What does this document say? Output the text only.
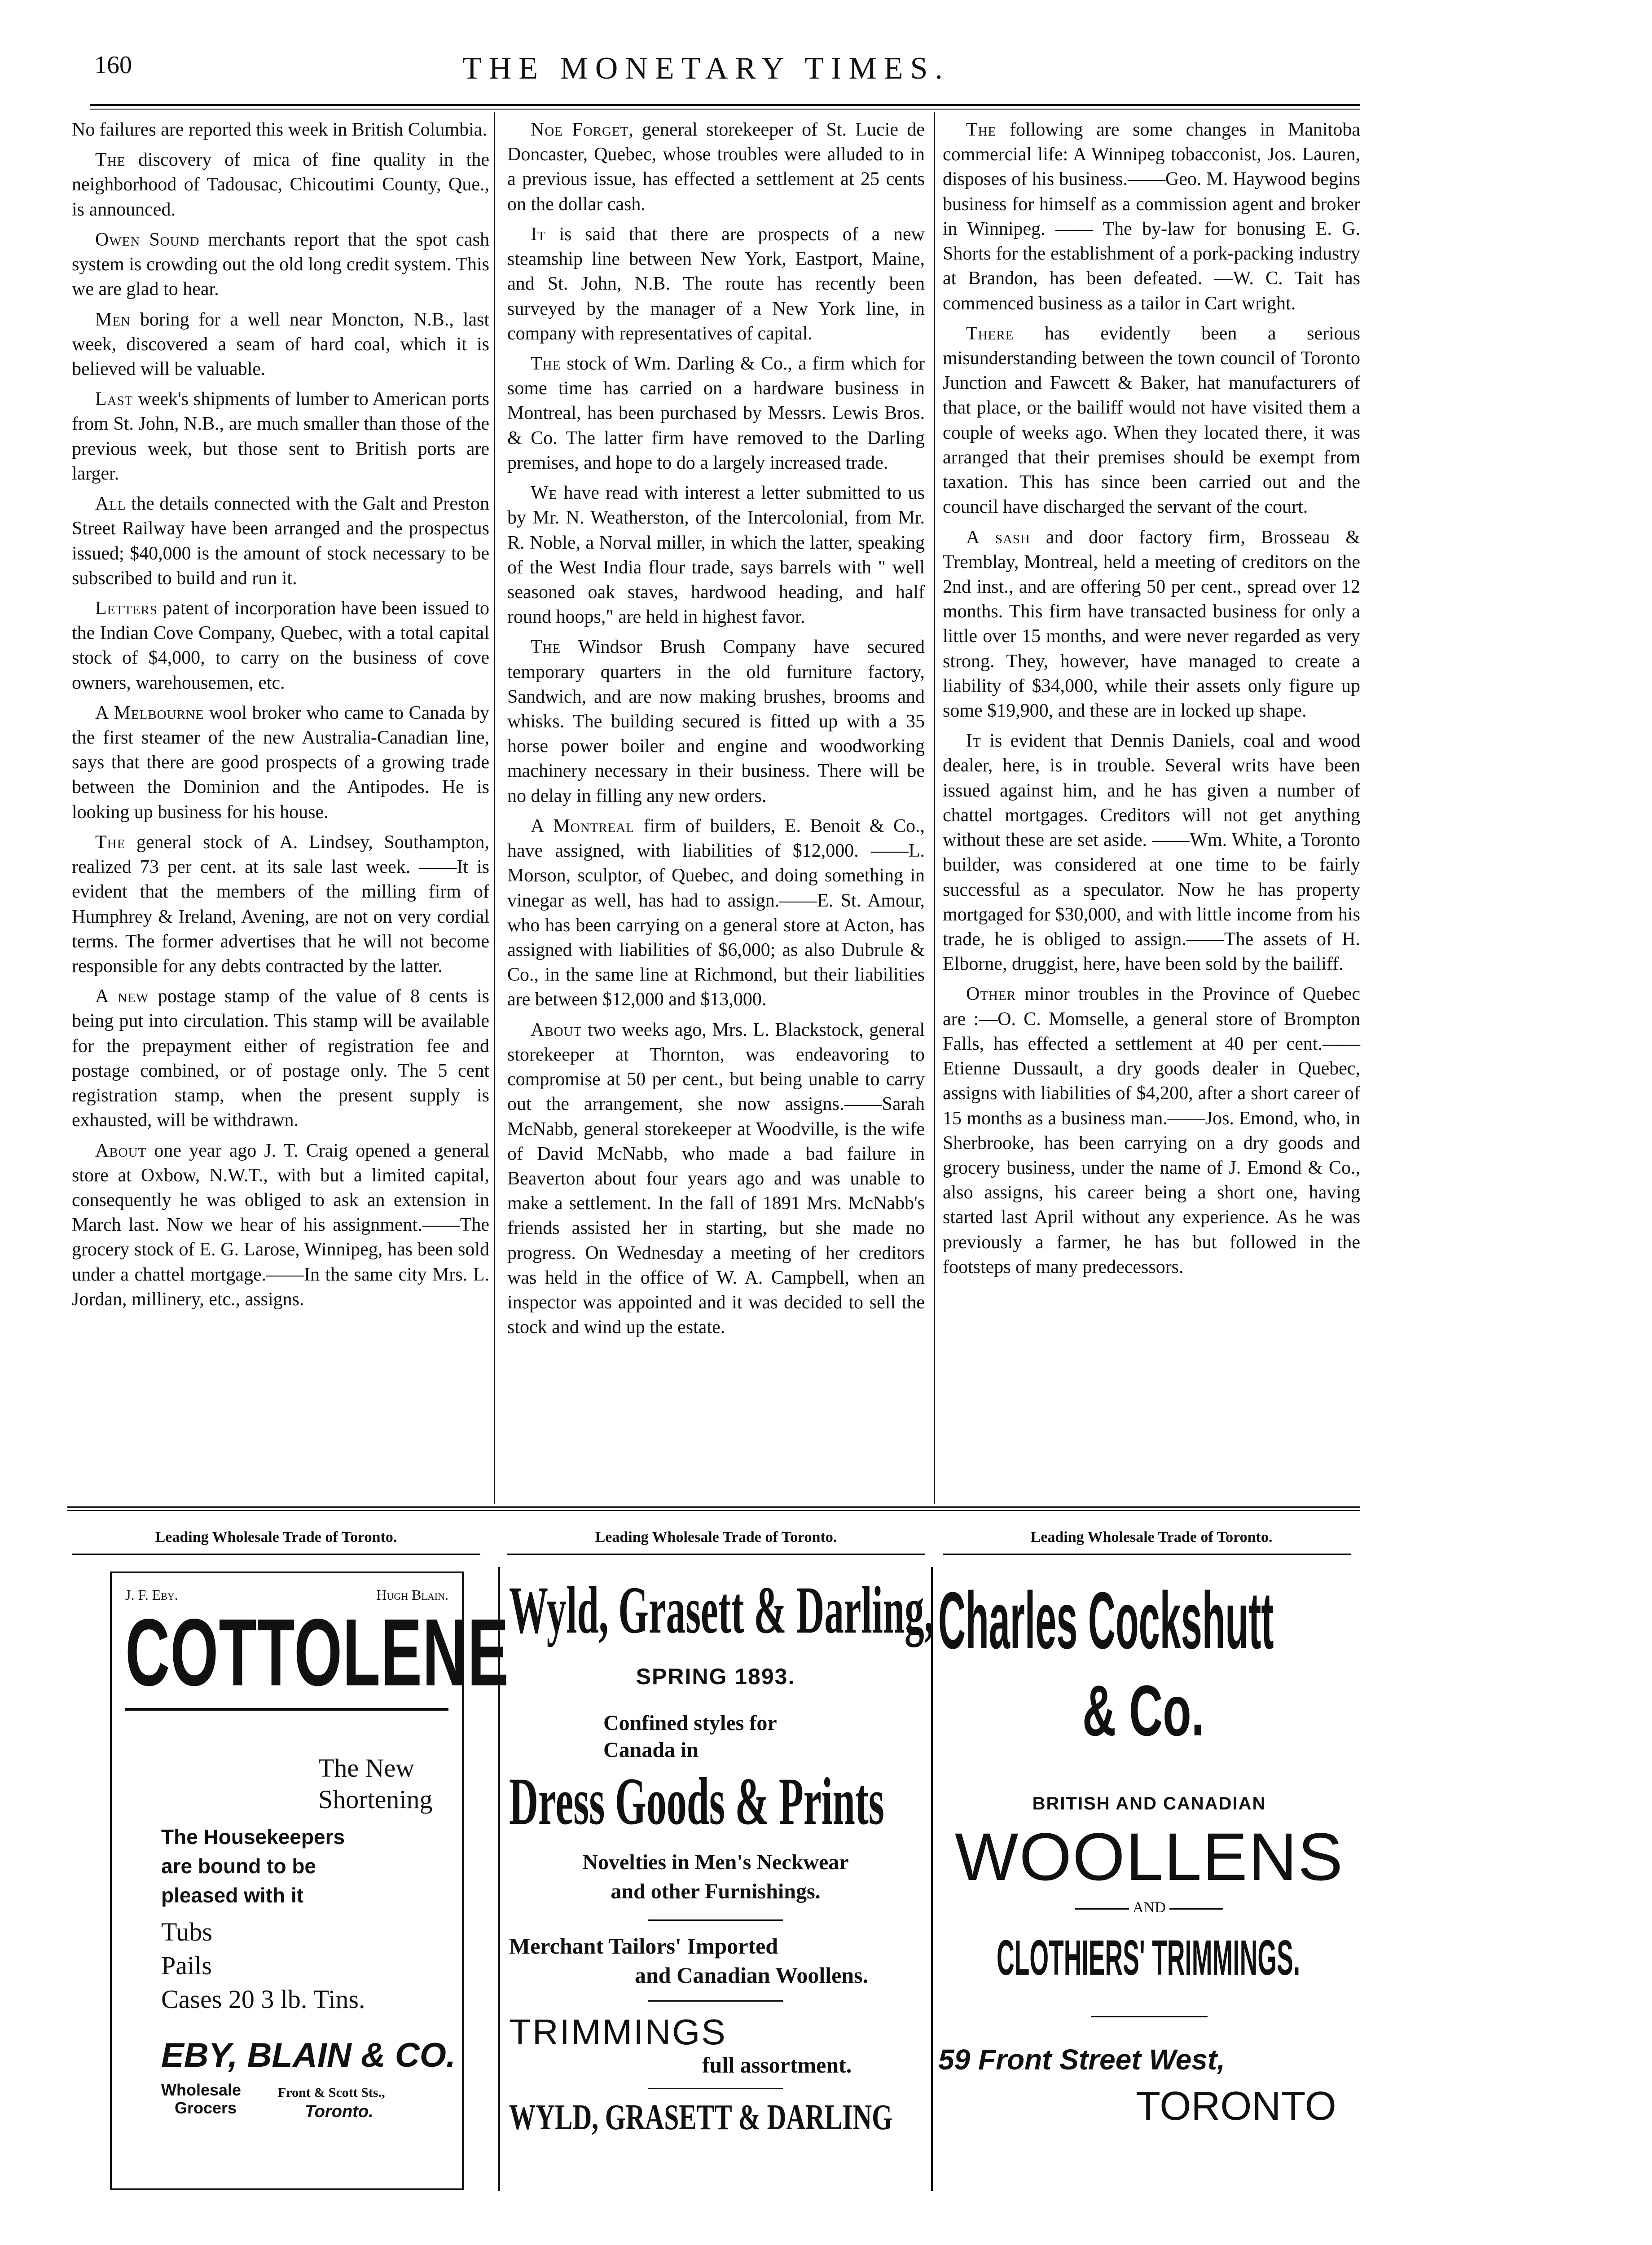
160	THE MONETARY TIMES.

No failures are reported this week in British Columbia.

The discovery of mica of fine quality in the neighborhood of Tadousac, Chicoutimi County, Que., is announced.

Owen Sound merchants report that the spot cash system is crowding out the old long credit system. This we are glad to hear.

Men boring for a well near Moncton, N.B., last week, discovered a seam of hard coal, which it is believed will be valuable.

Last week's shipments of lumber to American ports from St. John, N.B., are much smaller than those of the previous week, but those sent to British ports are larger.

All the details connected with the Galt and Preston Street Railway have been arranged and the prospectus issued; $40,000 is the amount of stock necessary to be subscribed to build and run it.

Letters patent of incorporation have been issued to the Indian Cove Company, Quebec, with a total capital stock of $4,000, to carry on the business of cove owners, warehousemen, etc.

A Melbourne wool broker who came to Canada by the first steamer of the new Australia-Canadian line, says that there are good prospects of a growing trade between the Dominion and the Antipodes. He is looking up business for his house.

The general stock of A. Lindsey, Southampton, realized 73 per cent. at its sale last week. ——It is evident that the members of the milling firm of Humphrey & Ireland, Avening, are not on very cordial terms. The former advertises that he will not become responsible for any debts contracted by the latter.

A new postage stamp of the value of 8 cents is being put into circulation. This stamp will be available for the prepayment either of registration fee and postage combined, or of postage only. The 5 cent registration stamp, when the present supply is exhausted, will be withdrawn.

About one year ago J. T. Craig opened a general store at Oxbow, N.W.T., with but a limited capital, consequently he was obliged to ask an extension in March last. Now we hear of his assignment.——The grocery stock of E. G. Larose, Winnipeg, has been sold under a chattel mortgage.——In the same city Mrs. L. Jordan, millinery, etc., assigns.

Noe Forget, general storekeeper of St. Lucie de Doncaster, Quebec, whose troubles were alluded to in a previous issue, has effected a settlement at 25 cents on the dollar cash.

It is said that there are prospects of a new steamship line between New York, Eastport, Maine, and St. John, N.B. The route has recently been surveyed by the manager of a New York line, in company with representatives of capital.

The stock of Wm. Darling & Co., a firm which for some time has carried on a hardware business in Montreal, has been purchased by Messrs. Lewis Bros. & Co. The latter firm have removed to the Darling premises, and hope to do a largely increased trade.

We have read with interest a letter submitted to us by Mr. N. Weatherston, of the Intercolonial, from Mr. R. Noble, a Norval miller, in which the latter, speaking of the West India flour trade, says barrels with " well seasoned oak staves, hardwood heading, and half round hoops," are held in highest favor.

The Windsor Brush Company have secured temporary quarters in the old furniture factory, Sandwich, and are now making brushes, brooms and whisks. The building secured is fitted up with a 35 horse power boiler and engine and woodworking machinery necessary in their business. There will be no delay in filling any new orders.

A Montreal firm of builders, E. Benoit & Co., have assigned, with liabilities of $12,000. ——L. Morson, sculptor, of Quebec, and doing something in vinegar as well, has had to assign.——E. St. Amour, who has been carrying on a general store at Acton, has assigned with liabilities of $6,000; as also Dubrule & Co., in the same line at Richmond, but their liabilities are between $12,000 and $13,000.

About two weeks ago, Mrs. L. Blackstock, general storekeeper at Thornton, was endeavoring to compromise at 50 per cent., but being unable to carry out the arrangement, she now assigns.——Sarah McNabb, general storekeeper at Woodville, is the wife of David McNabb, who made a bad failure in Beaverton about four years ago and was unable to make a settlement. In the fall of 1891 Mrs. McNabb's friends assisted her in starting, but she made no progress. On Wednesday a meeting of her creditors was held in the office of W. A. Campbell, when an inspector was appointed and it was decided to sell the stock and wind up the estate.

The following are some changes in Manitoba commercial life: A Winnipeg tobacconist, Jos. Lauren, disposes of his business.——Geo. M. Haywood begins business for himself as a commission agent and broker in Winnipeg. —— The by-law for bonusing E. G. Shorts for the establishment of a pork-packing industry at Brandon, has been defeated. —W. C. Tait has commenced business as a tailor in Cart wright.

There has evidently been a serious misunderstanding between the town council of Toronto Junction and Fawcett & Baker, hat manufacturers of that place, or the bailiff would not have visited them a couple of weeks ago. When they located there, it was arranged that their premises should be exempt from taxation. This has since been carried out and the council have discharged the servant of the court.

A sash and door factory firm, Brosseau & Tremblay, Montreal, held a meeting of creditors on the 2nd inst., and are offering 50 per cent., spread over 12 months. This firm have transacted business for only a little over 15 months, and were never regarded as very strong. They, however, have managed to create a liability of $34,000, while their assets only figure up some $19,900, and these are in locked up shape.

It is evident that Dennis Daniels, coal and wood dealer, here, is in trouble. Several writs have been issued against him, and he has given a number of chattel mortgages. Creditors will not get anything without these are set aside. ——Wm. White, a Toronto builder, was considered at one time to be fairly successful as a speculator. Now he has property mortgaged for $30,000, and with little income from his trade, he is obliged to assign.——The assets of H. Elborne, druggist, here, have been sold by the bailiff.

Other minor troubles in the Province of Quebec are :—O. C. Momselle, a general store of Brompton Falls, has effected a settlement at 40 per cent.——Etienne Dussault, a dry goods dealer in Quebec, assigns with liabilities of $4,200, after a short career of 15 months as a business man.——Jos. Emond, who, in Sherbrooke, has been carrying on a dry goods and grocery business, under the name of J. Emond & Co., also assigns, his career being a short one, having started last April without any experience. As he was previously a farmer, he has but followed in the footsteps of many predecessors.

Leading Wholesale Trade of Toronto.	Leading Wholesale Trade of Toronto.	Leading Wholesale Trade of Toronto.
J. F. Eby.	Hugh Blain.
COTTOLENE
The New
Shortening
The Housekeepers
are bound to be
pleased with it
Tubs
Pails
Cases 20 3 lb. Tins.
EBY, BLAIN & CO.
Wholesale
Grocers
Front & Scott Sts.,
Toronto.
Wyld, Grasett & Darling,
SPRING 1893.
Confined styles for
Canada in
Dress Goods & Prints
Novelties in Men's Neckwear
and other Furnishings.
Merchant Tailors' Imported
and Canadian Woollens.
TRIMMINGS
full assortment.
WYLD, GRASETT & DARLING
Charles Cockshutt
& Co.
BRITISH AND CANADIAN
WOOLLENS
AND
CLOTHIERS' TRIMMINGS.
59 Front Street West,
TORONTO
